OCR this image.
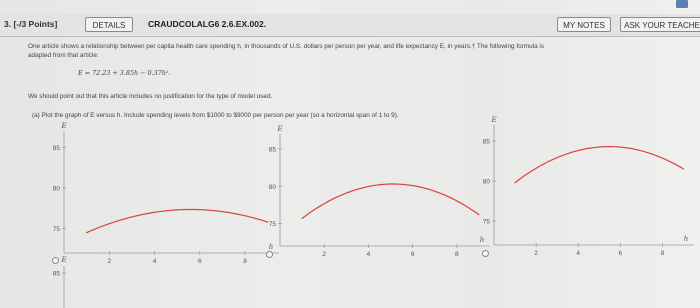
3. [-/3 Points]	DETAILS	CRAUDCOLALG6 2.6.EX.002.	MY NOTES	ASK YOUR TEACHE
One article shows a relationship between per capita health care spending h, in thousands of U.S. dollars per person per year, and life expectancy E, in years.† The following formula is
adapted from that article:
E = 72.23 + 3.85h − 0.37h².
We should point out that this article includes no justification for the type of model used.
(a) Plot the graph of E versus h. Include spending levels from $1000 to $9000 per person per year (so a horizontal span of 1 to 9).
85
80
75
2	4	6	8
E
h
85
80
75
2	4	6	8
E
h
85
80
75
2	4	6	8
E
h
E
85
